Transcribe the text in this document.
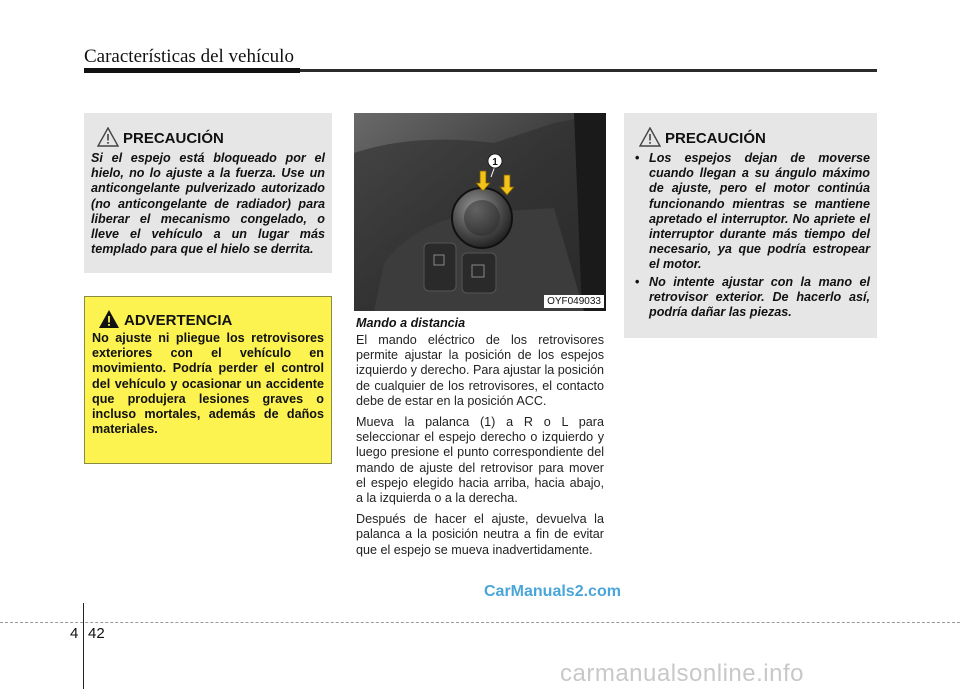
Características del vehículo
PRECAUCIÓN

Si el espejo está bloqueado por el hielo, no lo ajuste a la fuerza. Use un anticongelante pulverizado autorizado (no anticongelante de radiador) para liberar el mecanismo congelado, o lleve el vehículo a un lugar más templado para que el hielo se derrita.

ADVERTENCIA

No ajuste ni pliegue los retrovisores exteriores con el vehículo en movimiento. Podría perder el control del vehículo y ocasionar un accidente que produjera lesiones graves o incluso mortales, además de daños materiales.

1
OYF049033

Mando a distancia

El mando eléctrico de los retrovisores permite ajustar la posición de los espejos izquierdo y derecho. Para ajustar la posición de cualquier de los retrovisores, el contacto debe de estar en la posición ACC.

Mueva la palanca (1) a R o L para seleccionar el espejo derecho o izquierdo y luego presione el punto correspondiente del mando de ajuste del retrovisor para mover el espejo elegido hacia arriba, hacia abajo, a la izquierda o a la derecha.

Después de hacer el ajuste, devuelva la palanca a la posición neutra a fin de evitar que el espejo se mueva inadvertidamente.

PRECAUCIÓN
• Los espejos dejan de moverse cuando llegan a su ángulo máximo de ajuste, pero el motor continúa funcionando mientras se mantiene apretado el interruptor. No apriete el interruptor durante más tiempo del necesario, ya que podría estropear el motor.
• No intente ajustar con la mano el retrovisor exterior. De hacerlo así, podría dañar las piezas.
CarManuals2.com
4 42
carmanualsonline.info
